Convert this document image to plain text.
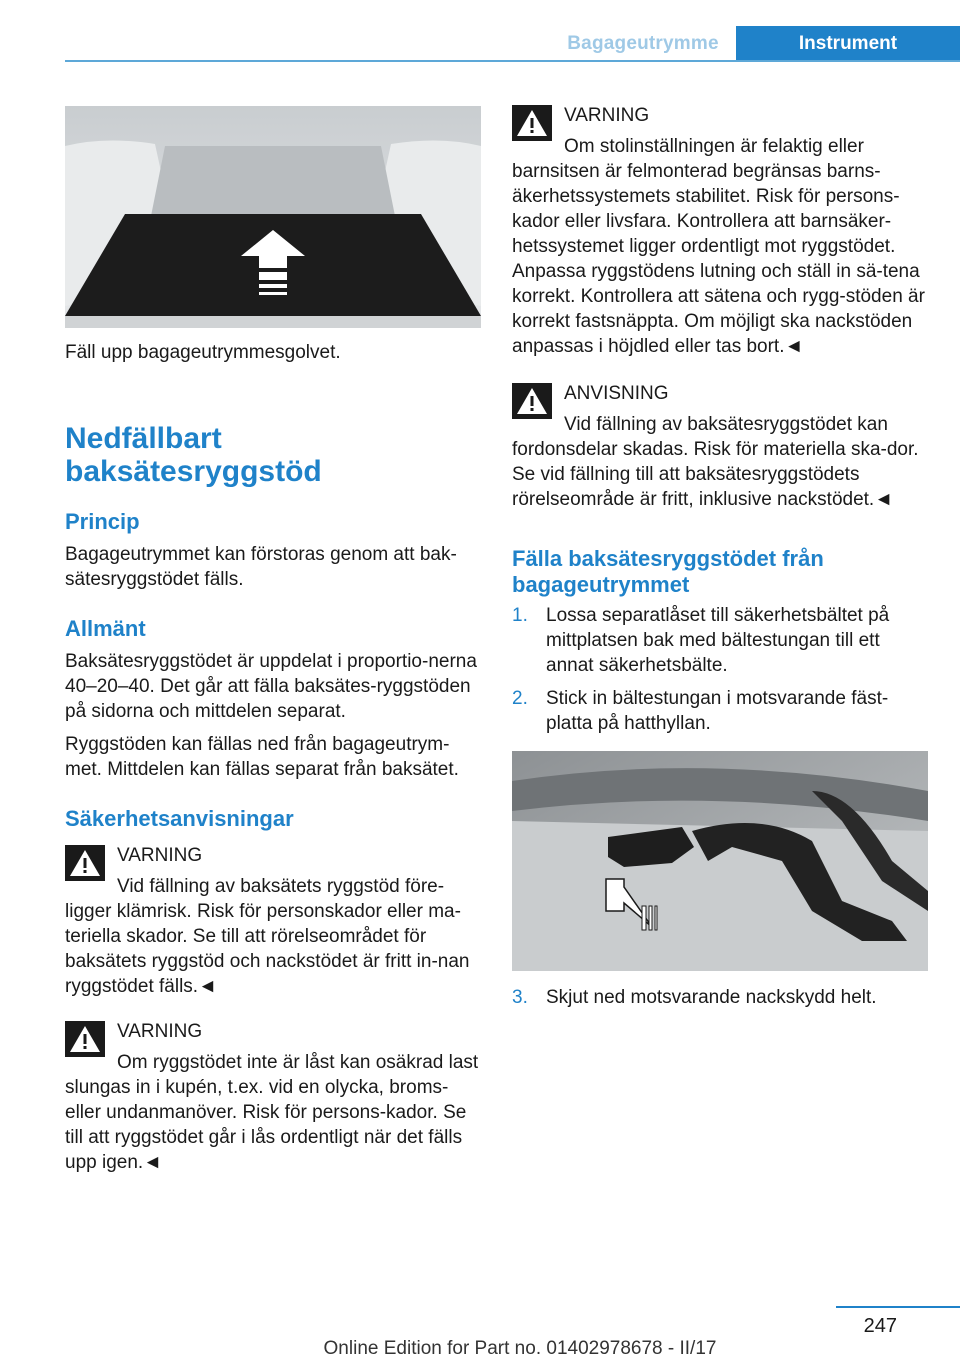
Bagageutrymme	Instrument
Fäll upp bagageutrymmesgolvet.
Nedfällbart baksätesryggstöd
Princip
Bagageutrymmet kan förstoras genom att bak-sätesryggstödet fälls.
Allmänt
Baksätesryggstödet är uppdelat i proportio-nerna 40–20–40. Det går att fälla baksätes-ryggstöden på sidorna och mittdelen separat.
Ryggstöden kan fällas ned från bagageutrym-met. Mittdelen kan fällas separat från baksätet.
Säkerhetsanvisningar
VARNING
Vid fällning av baksätets ryggstöd före-ligger klämrisk. Risk för personskador eller ma-teriella skador. Se till att rörelseområdet för baksätets ryggstöd och nackstödet är fritt in-nan ryggstödet fälls.◄
VARNING
Om ryggstödet inte är låst kan osäkrad last slungas in i kupén, t.ex. vid en olycka, broms- eller undanmanöver. Risk för persons-kador. Se till att ryggstödet går i lås ordentligt när det fälls upp igen.◄
VARNING
Om stolinställningen är felaktig eller barnsitsen är felmonterad begränsas barns-äkerhetssystemets stabilitet. Risk för persons-kador eller livsfara. Kontrollera att barnsäker-hetssystemet ligger ordentligt mot ryggstödet. Anpassa ryggstödens lutning och ställ in sä-tena korrekt. Kontrollera att sätena och rygg-stöden är korrekt fastsnäppta. Om möjligt ska nackstöden anpassas i höjdled eller tas bort.◄
ANVISNING
Vid fällning av baksätesryggstödet kan fordonsdelar skadas. Risk för materiella ska-dor. Se vid fällning till att baksätesryggstödets rörelseområde är fritt, inklusive nackstödet.◄
Fälla baksätesryggstödet från bagageutrymmet
1. Lossa separatlåset till säkerhetsbältet på mittplatsen bak med bältestungan till ett annat säkerhetsbälte.
2. Stick in bältestungan i motsvarande fäst-platta på hatthyllan.
3. Skjut ned motsvarande nackskydd helt.
247
Online Edition for Part no. 01402978678 - II/17
